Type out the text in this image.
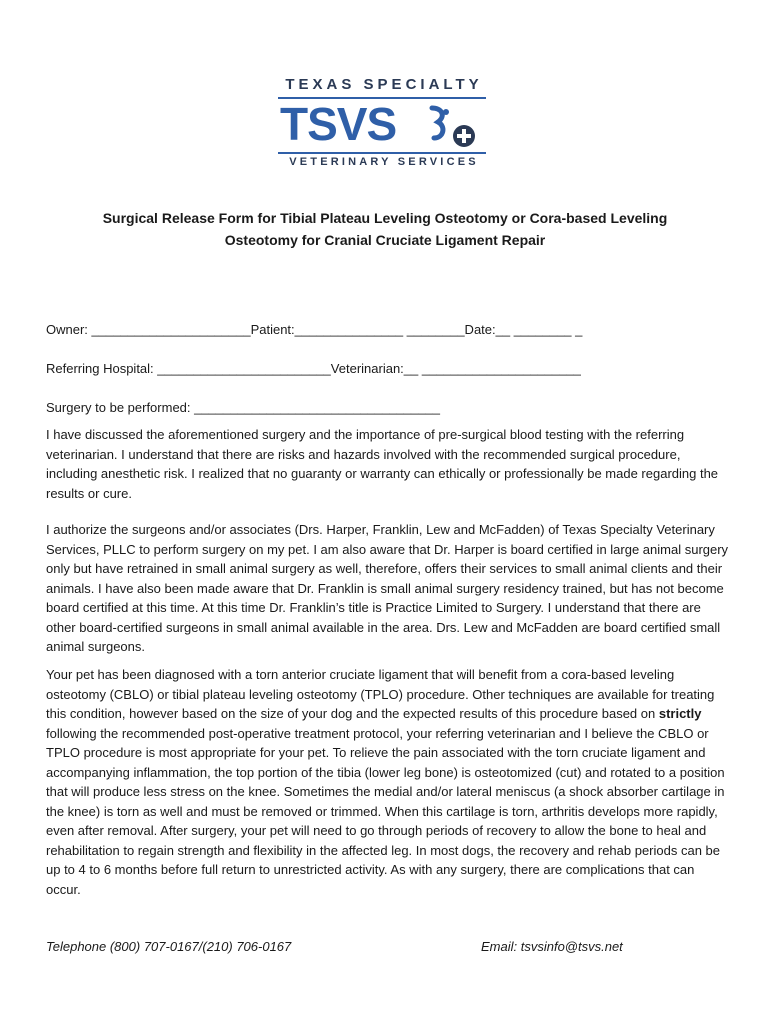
TEXAS SPECIALTY
TSVS
VETERINARY SERVICES
Surgical Release Form for Tibial Plateau Leveling Osteotomy or Cora-based Leveling
Osteotomy for Cranial Cruciate Ligament Repair
Owner: ______________________Patient:_______________ ________Date:__ ________ _
Referring Hospital: ________________________Veterinarian:__ ______________________
Surgery to be performed: __________________________________

I have discussed the aforementioned surgery and the importance of pre-surgical blood testing with the referring veterinarian. I understand that there are risks and hazards involved with the recommended surgical procedure, including anesthetic risk. I realized that no guaranty or warranty can ethically or professionally be made regarding the results or cure.

I authorize the surgeons and/or associates (Drs. Harper, Franklin, Lew and McFadden) of Texas Specialty Veterinary Services, PLLC to perform surgery on my pet. I am also aware that Dr. Harper is board certified in large animal surgery only but have retrained in small animal surgery as well, therefore, offers their services to small animal clients and their animals. I have also been made aware that Dr. Franklin is small animal surgery residency trained, but has not become board certified at this time. At this time Dr. Franklin’s title is Practice Limited to Surgery. I understand that there are other board-certified surgeons in small animal available in the area. Drs. Lew and McFadden are board certified small animal surgeons.

Your pet has been diagnosed with a torn anterior cruciate ligament that will benefit from a cora-based leveling osteotomy (CBLO) or tibial plateau leveling osteotomy (TPLO) procedure. Other techniques are available for treating this condition, however based on the size of your dog and the expected results of this procedure based on strictly following the recommended post-operative treatment protocol, your referring veterinarian and I believe the CBLO or TPLO procedure is most appropriate for your pet. To relieve the pain associated with the torn cruciate ligament and accompanying inflammation, the top portion of the tibia (lower leg bone) is osteotomized (cut) and rotated to a position that will produce less stress on the knee. Sometimes the medial and/or lateral meniscus (a shock absorber cartilage in the knee) is torn as well and must be removed or trimmed. When this cartilage is torn, arthritis develops more rapidly, even after removal. After surgery, your pet will need to go through periods of recovery to allow the bone to heal and rehabilitation to regain strength and flexibility in the affected leg. In most dogs, the recovery and rehab periods can be up to 4 to 6 months before full return to unrestricted activity. As with any surgery, there are complications that can occur.

Telephone (800) 707-0167/(210) 706-0167	Email: tsvsinfo@tsvs.net
